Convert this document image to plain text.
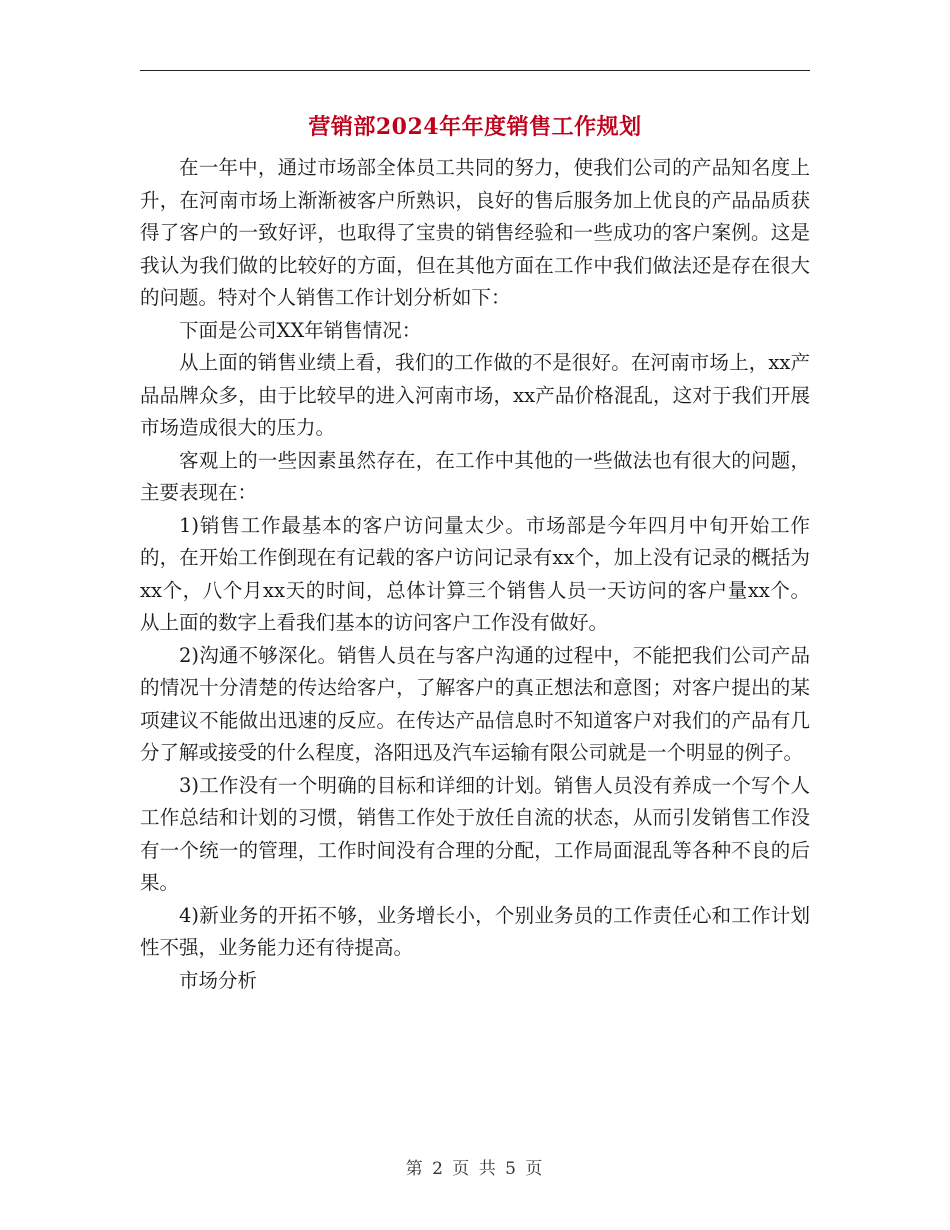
营销部2024年年度销售工作规划

在一年中，通过市场部全体员工共同的努力，使我们公司的产品知名度上升，在河南市场上渐渐被客户所熟识，良好的售后服务加上优良的产品品质获得了客户的一致好评，也取得了宝贵的销售经验和一些成功的客户案例。这是我认为我们做的比较好的方面，但在其他方面在工作中我们做法还是存在很大的问题。特对个人销售工作计划分析如下：

下面是公司XX年销售情况：

从上面的销售业绩上看，我们的工作做的不是很好。在河南市场上，xx产品品牌众多，由于比较早的进入河南市场，xx产品价格混乱，这对于我们开展市场造成很大的压力。

客观上的一些因素虽然存在，在工作中其他的一些做法也有很大的问题，主要表现在：

1)销售工作最基本的客户访问量太少。市场部是今年四月中旬开始工作的，在开始工作倒现在有记载的客户访问记录有xx个，加上没有记录的概括为xx个，八个月xx天的时间，总体计算三个销售人员一天访问的客户量xx个。从上面的数字上看我们基本的访问客户工作没有做好。

2)沟通不够深化。销售人员在与客户沟通的过程中，不能把我们公司产品的情况十分清楚的传达给客户，了解客户的真正想法和意图；对客户提出的某项建议不能做出迅速的反应。在传达产品信息时不知道客户对我们的产品有几分了解或接受的什么程度，洛阳迅及汽车运输有限公司就是一个明显的例子。

3)工作没有一个明确的目标和详细的计划。销售人员没有养成一个写个人工作总结和计划的习惯，销售工作处于放任自流的状态，从而引发销售工作没有一个统一的管理，工作时间没有合理的分配，工作局面混乱等各种不良的后果。

4)新业务的开拓不够，业务增长小，个别业务员的工作责任心和工作计划性不强，业务能力还有待提高。

市场分析

第 2 页 共 5 页
